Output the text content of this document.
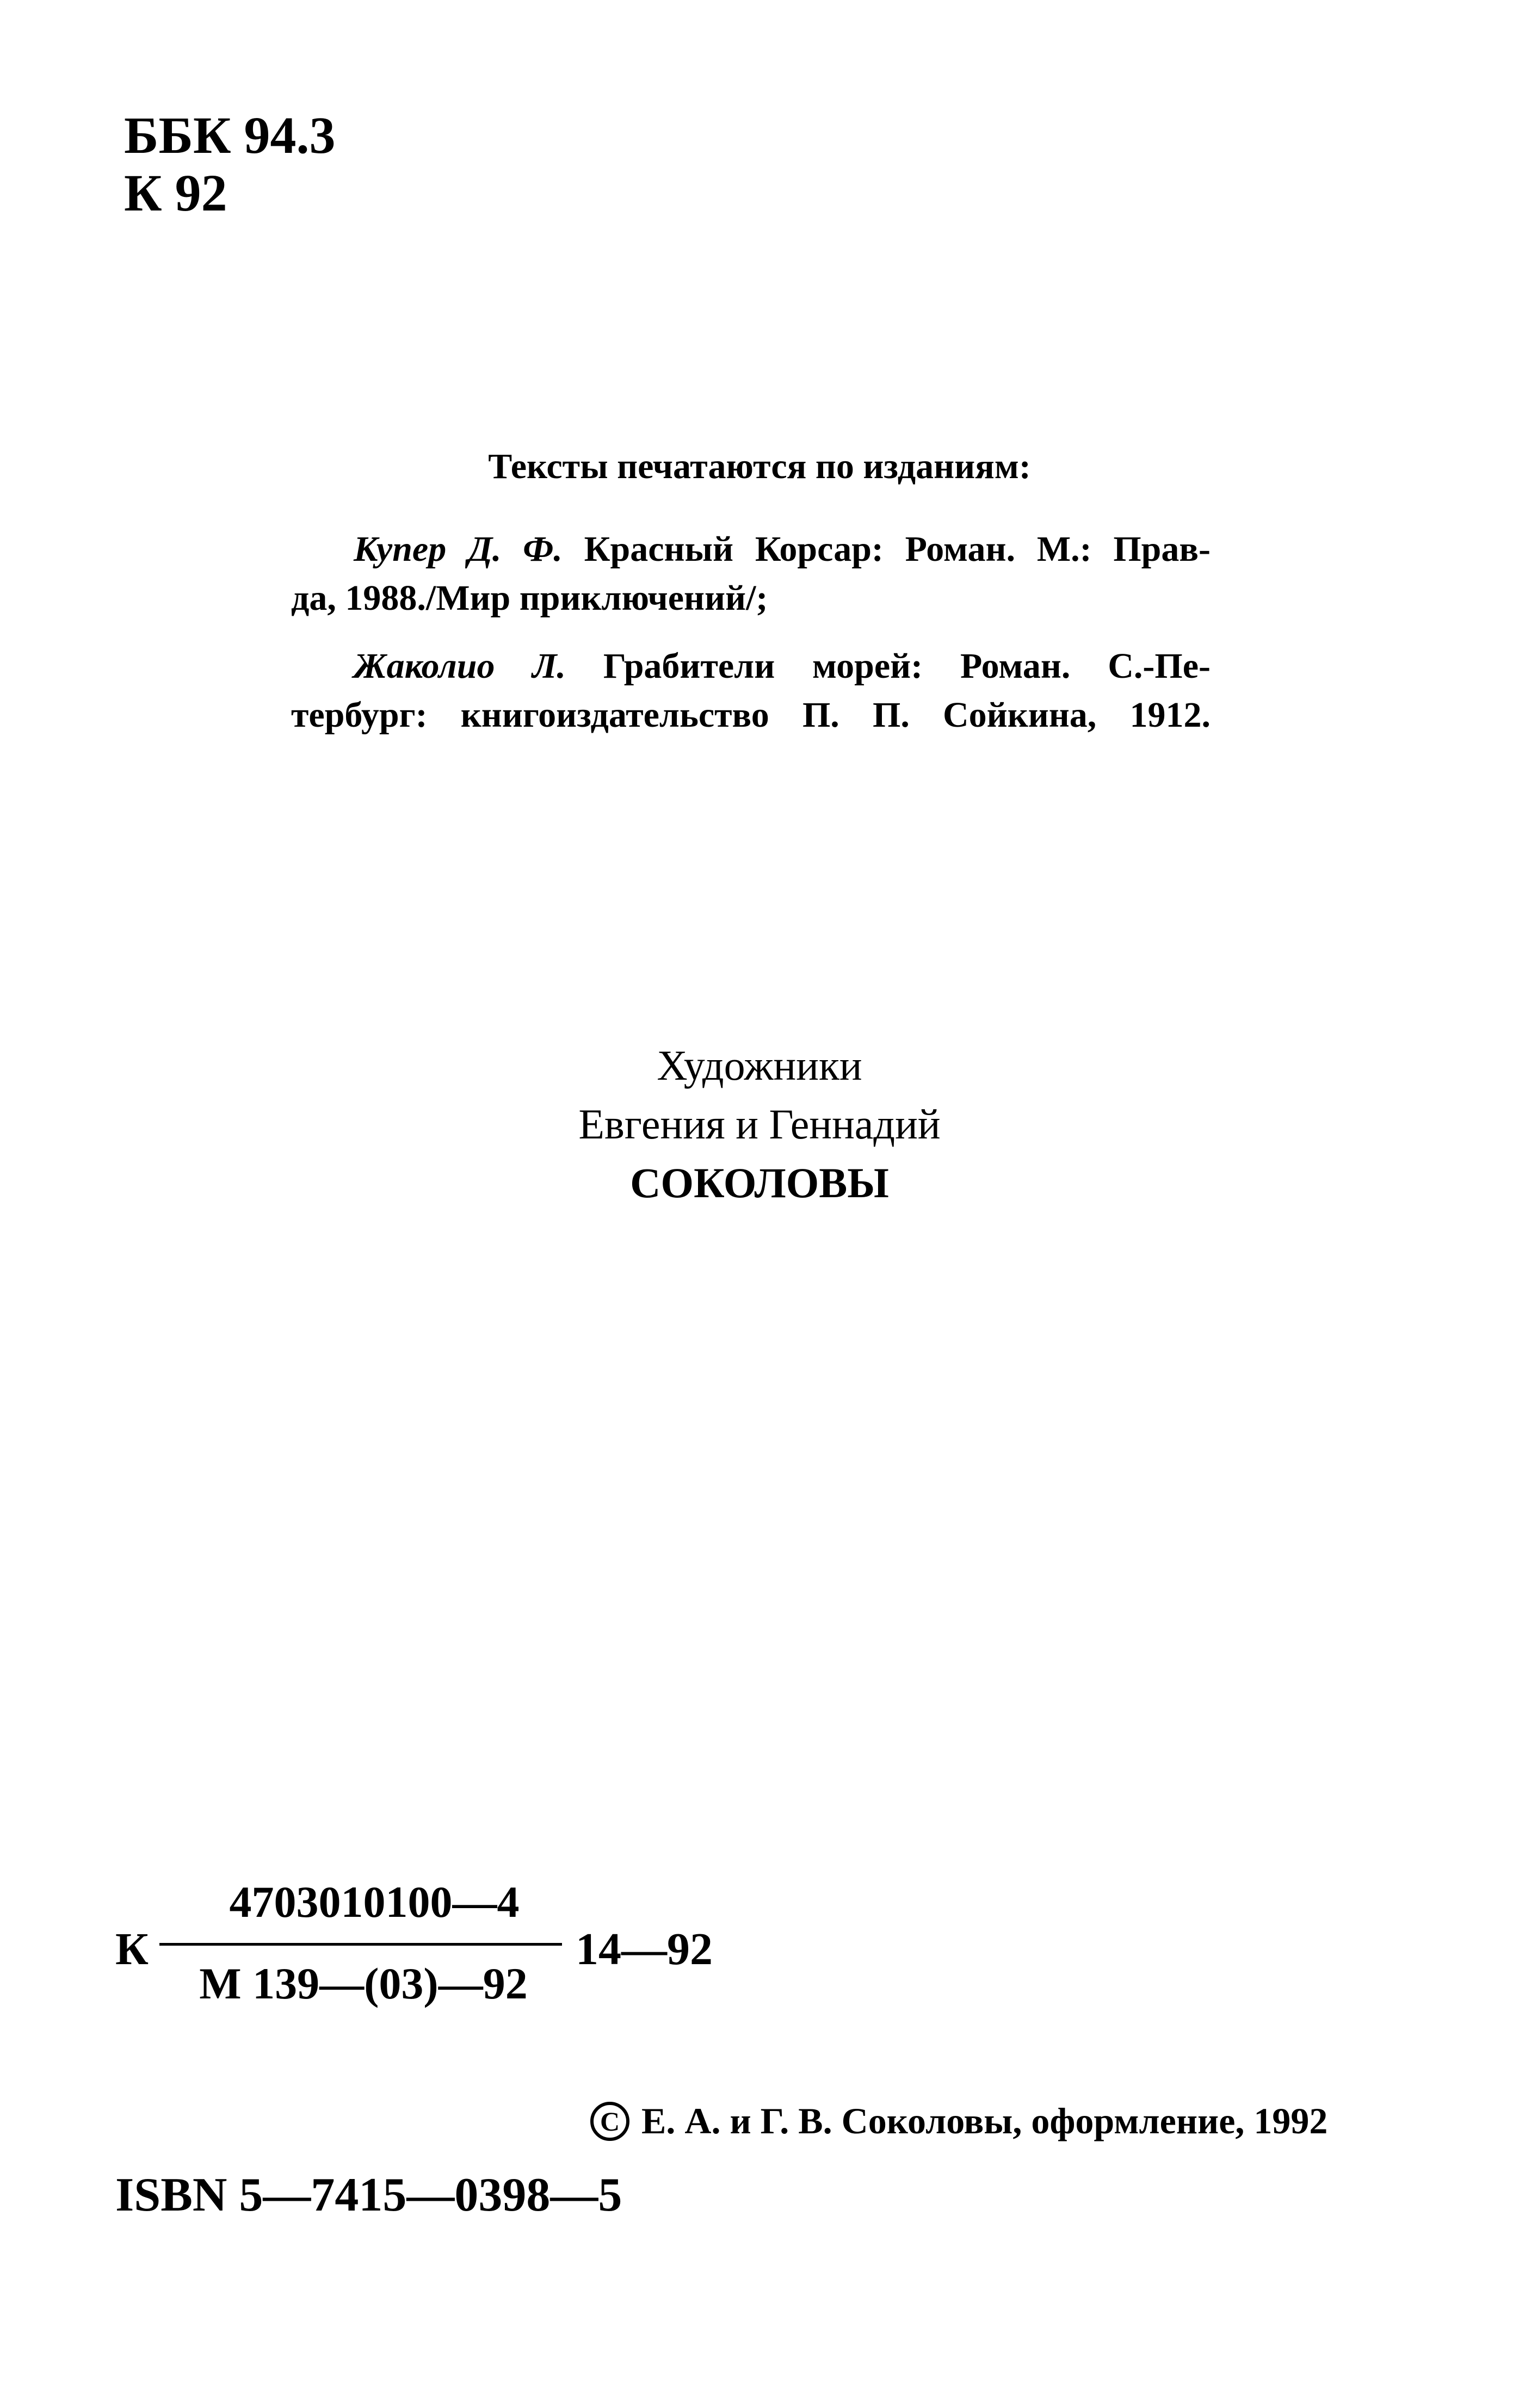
ББК 94.3
К 92
Тексты печатаются по изданиям:
Купер Д. Ф. Красный Корсар: Роман. М.: Прав-
да, 1988./Мир приключений/;
Жаколио Л. Грабители морей: Роман. С.-Пе-
тербург: книгоиздательство П. П. Сойкина, 1912.
Художники
Евгения и Геннадий
СОКОЛОВЫ
К
4703010100—4
М 139—(03)—92
14—92
C Е. А. и Г. В. Соколовы, оформление, 1992
ISBN 5—7415—0398—5
